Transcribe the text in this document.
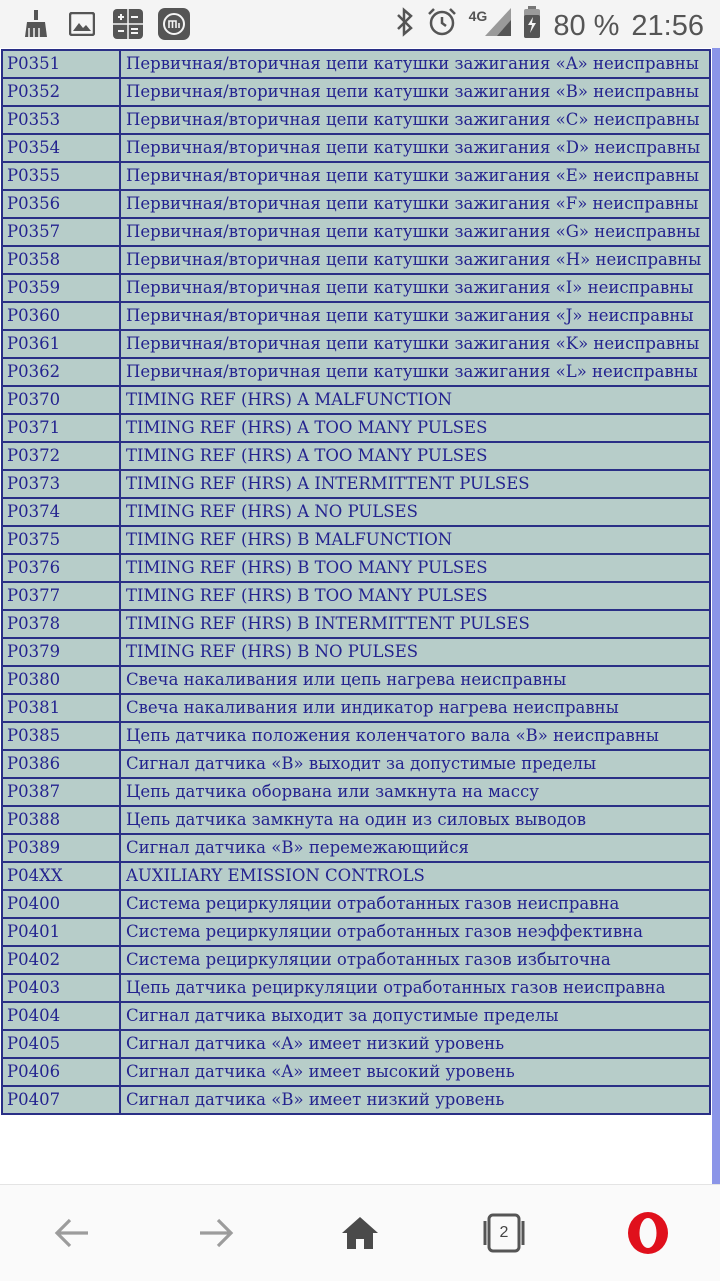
4G 80 % 21:56
P0351	Первичная/вторичная цепи катушки зажигания «A» неисправны
P0352	Первичная/вторичная цепи катушки зажигания «B» неисправны
P0353	Первичная/вторичная цепи катушки зажигания «C» неисправны
P0354	Первичная/вторичная цепи катушки зажигания «D» неисправны
P0355	Первичная/вторичная цепи катушки зажигания «E» неисправны
P0356	Первичная/вторичная цепи катушки зажигания «F» неисправны
P0357	Первичная/вторичная цепи катушки зажигания «G» неисправны
P0358	Первичная/вторичная цепи катушки зажигания «H» неисправны
P0359	Первичная/вторичная цепи катушки зажигания «I» неисправны
P0360	Первичная/вторичная цепи катушки зажигания «J» неисправны
P0361	Первичная/вторичная цепи катушки зажигания «K» неисправны
P0362	Первичная/вторичная цепи катушки зажигания «L» неисправны
P0370	TIMING REF (HRS) A MALFUNCTION
P0371	TIMING REF (HRS) A TOO MANY PULSES
P0372	TIMING REF (HRS) A TOO MANY PULSES
P0373	TIMING REF (HRS) A INTERMITTENT PULSES
P0374	TIMING REF (HRS) A NO PULSES
P0375	TIMING REF (HRS) B MALFUNCTION
P0376	TIMING REF (HRS) B TOO MANY PULSES
P0377	TIMING REF (HRS) B TOO MANY PULSES
P0378	TIMING REF (HRS) B INTERMITTENT PULSES
P0379	TIMING REF (HRS) B NO PULSES
P0380	Свеча накаливания или цепь нагрева неисправны
P0381	Свеча накаливания или индикатор нагрева неисправны
P0385	Цепь датчика положения коленчатого вала «B» неисправны
P0386	Сигнал датчика «B» выходит за допустимые пределы
P0387	Цепь датчика оборвана или замкнута на массу
P0388	Цепь датчика замкнута на один из силовых выводов
P0389	Сигнал датчика «B» перемежающийся
P04XX	AUXILIARY EMISSION CONTROLS
P0400	Система рециркуляции отработанных газов неисправна
P0401	Система рециркуляции отработанных газов неэффективна
P0402	Система рециркуляции отработанных газов избыточна
P0403	Цепь датчика рециркуляции отработанных газов неисправна
P0404	Сигнал датчика выходит за допустимые пределы
P0405	Сигнал датчика «A» имеет низкий уровень
P0406	Сигнал датчика «A» имеет высокий уровень
P0407	Сигнал датчика «B» имеет низкий уровень
2
